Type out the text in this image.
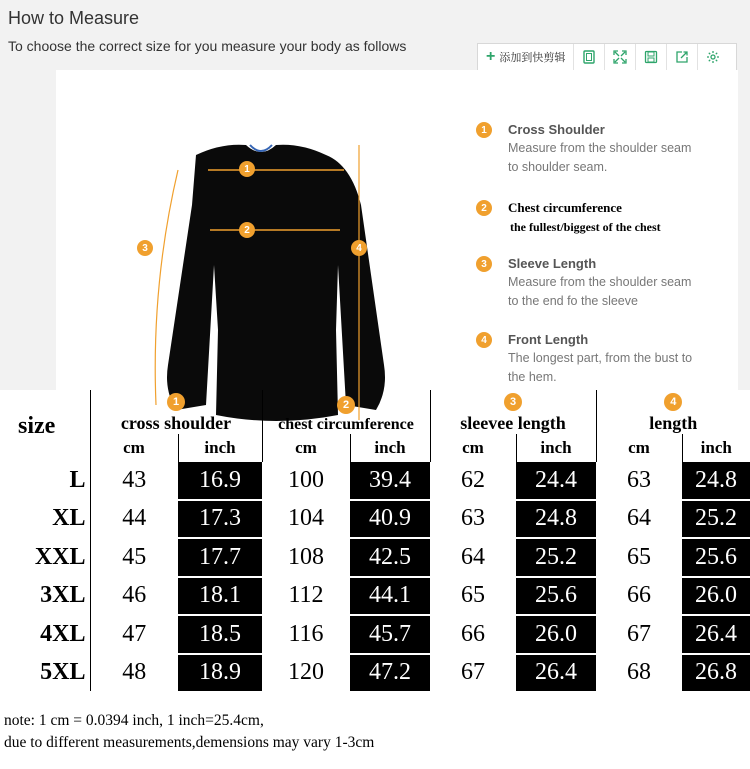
How to Measure
To choose the correct size for you measure your body as follows
+ 添加到快剪辑
1
2
3	4
1	Cross Shoulder
Measure from the shoulder seam
to shoulder seam.
2	Chest circumference
the fullest/biggest of the chest
3	Sleeve Length
Measure from the shoulder seam
to the end fo the sleeve
4	Front Length
The longest part, from the bust to
the hem.
size	1
cross shoulder		2
chest circumference		3
sleevee length		4
length	
	cm	inch	cm	inch	cm	inch	cm	inch
L	43	16.9	100	39.4	62	24.4	63	24.8
XL	44	17.3	104	40.9	63	24.8	64	25.2
XXL	45	17.7	108	42.5	64	25.2	65	25.6
3XL	46	18.1	112	44.1	65	25.6	66	26.0
4XL	47	18.5	116	45.7	66	26.0	67	26.4
5XL	48	18.9	120	47.2	67	26.4	68	26.8
note: 1 cm = 0.0394 inch, 1 inch=25.4cm,
due to different measurements,demensions may vary 1-3cm
